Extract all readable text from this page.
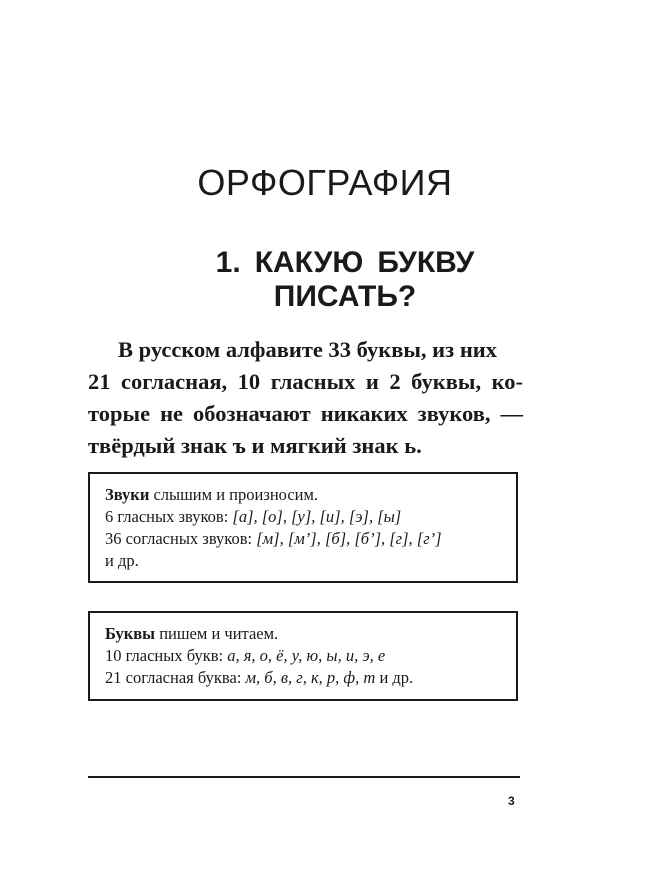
ОРФОГРАФИЯ
1. КАКУЮ БУКВУ
ПИСАТЬ?
В русском алфавите 33 буквы, из них
21 согласная, 10 гласных и 2 буквы, ко-
торые не обозначают никаких звуков, —
твёрдый знак ъ и мягкий знак ь.
Звуки слышим и произносим.
6 гласных звуков: [а], [о], [у], [и], [э], [ы]
36 согласных звуков: [м], [м’], [б], [б’], [г], [г’]
и др.
Буквы пишем и читаем.
10 гласных букв: а, я, о, ё, у, ю, ы, и, э, е
21 согласная буква: м, б, в, г, к, р, ф, т и др.
3
